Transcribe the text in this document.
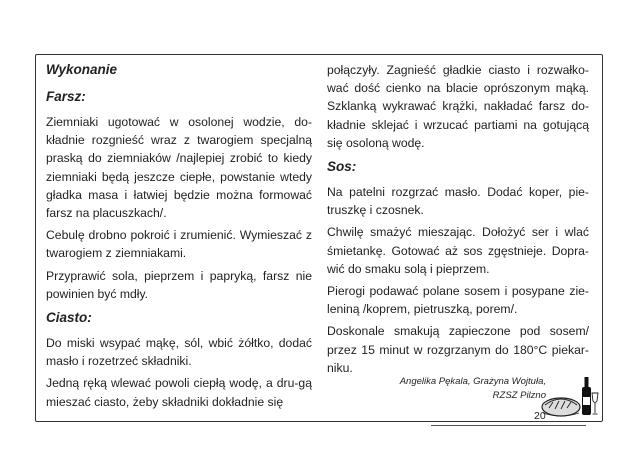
Wykonanie
Farsz:

Ziemniaki ugotować w osolonej wodzie, do-kładnie rozgnieść wraz z twarogiem specjalną praską do ziemniaków /najlepiej zrobić to kiedy ziemniaki będą jeszcze ciepłe, powstanie wtedy gładka masa i łatwiej będzie można formować farsz na placuszkach/.

Cebulę drobno pokroić i zrumienić. Wymieszać z twarogiem z ziemniakami.

Przyprawić sola, pieprzem i papryką, farsz nie powinien być mdły.

Ciasto:

Do miski wsypać mąkę, sól, wbić żółtko, dodać masło i rozetrzeć składniki.

Jedną ręką wlewać powoli ciepłą wodę, a dru-gą mieszać ciasto, żeby składniki dokładnie się

połączyły. Zagnieść gładkie ciasto i rozwałko-wać dość cienko na blacie oprószonym mąką. Szklanką wykrawać krążki, nakładać farsz do-kładnie sklejać i wrzucać partiami na gotującą się osoloną wodę.

Sos:

Na patelni rozgrzać masło. Dodać koper, pie-truszkę i czosnek.

Chwilę smażyć mieszając. Dołożyć ser i wlać śmietankę. Gotować aż sos zgęstnieje. Dopra-wić do smaku solą i pieprzem.

Pierogi podawać polane sosem i posypane zie-leniną /koprem, pietruszką, porem/.

Doskonale smakują zapieczone pod sosem/ przez 15 minut w rozgrzanym do 180°C piekar-niku.

Angelika Pękala, Grażyna Wojtuła,
RZSZ Pilzno
20
